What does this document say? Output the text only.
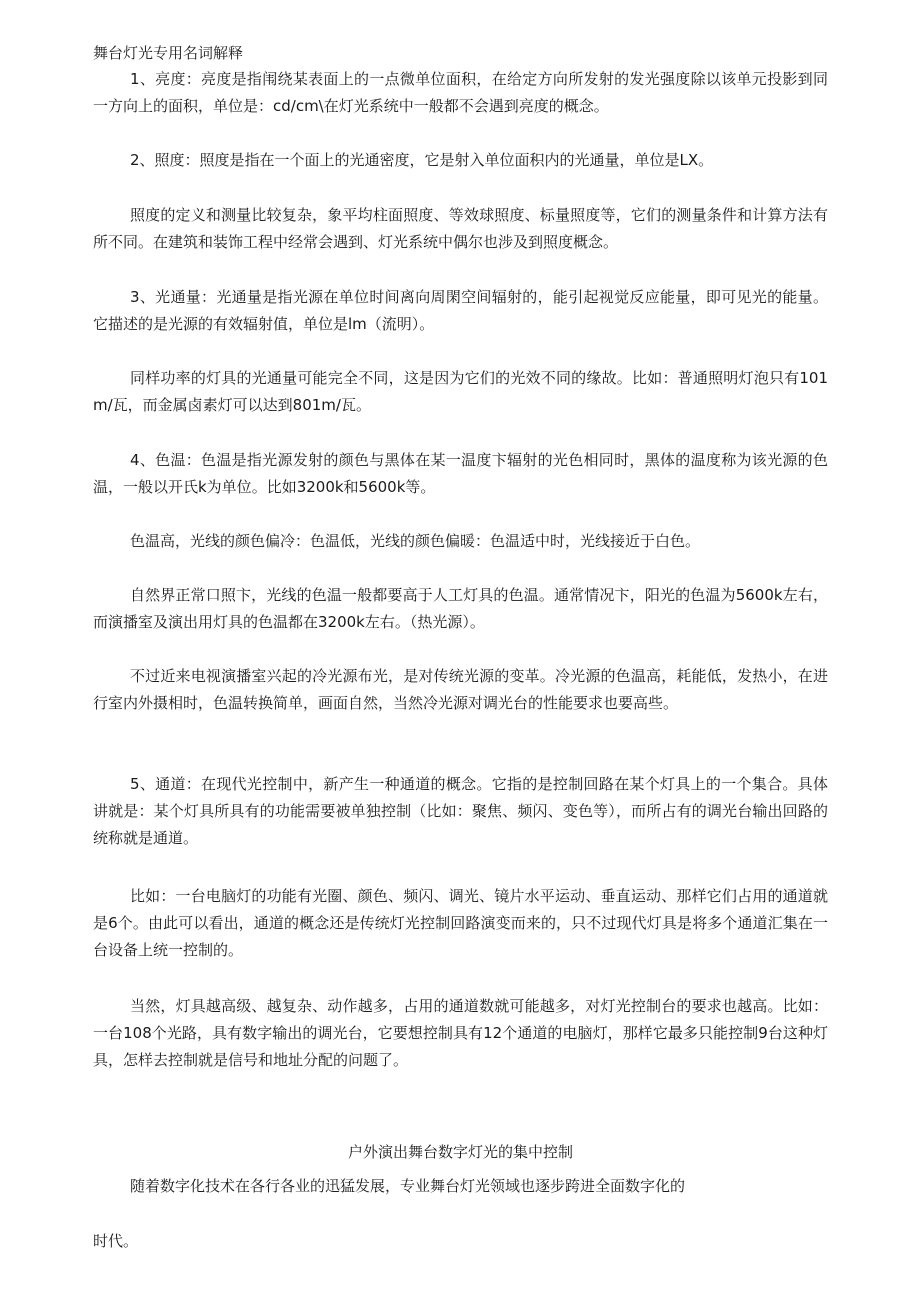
舞台灯光专用名词解释

1、亮度：亮度是指闱绕某表面上的一点微单位面积，在给定方向所发射的发光强度除以该单元投影到同一方向上的面积，单位是：cd/cm\在灯光系统中一般都不会遇到亮度的概念。

2、照度：照度是指在一个面上的光通密度，它是射入单位面积内的光通量，单位是LX。

照度的定义和测量比较复杂，象平均柱面照度、等效球照度、标量照度等，它们的测量条件和计算方法有所不同。在建筑和装饰工程中经常会遇到、灯光系统中偶尔也涉及到照度概念。

3、光通量：光通量是指光源在单位时间离向周閑空间辐射的，能引起视觉反应能量，即可见光的能量。它描述的是光源的有效辐射值，单位是lm（流明）。

同样功率的灯具的光通量可能完全不同，这是因为它们的光效不同的缘故。比如：普通照明灯泡只有101m/瓦，而金属卤素灯可以达到801m/瓦。

4、色温：色温是指光源发射的颜色与黑体在某一温度卞辐射的光色相同时，黑体的温度称为该光源的色温，一般以开氏k为单位。比如3200k和5600k等。

色温高，光线的颜色偏冷：色温低，光线的颜色偏暖：色温适中时，光线接近于白色。

自然界正常口照卞，光线的色温一般都要高于人工灯具的色温。通常情况卞，阳光的色温为5600k左右，而演播室及演出用灯具的色温都在3200k左右。（热光源）。

不过近来电视演播室兴起的冷光源布光，是对传统光源的变革。冷光源的色温高，耗能低，发热小，在进行室内外摄相时，色温转换简单，画面自然，当然冷光源对调光台的性能要求也要高些。

5、通道：在现代光控制中，新产生一种通道的概念。它指的是控制回路在某个灯具上的一个集合。具体讲就是：某个灯具所具有的功能需要被单独控制（比如：聚焦、频闪、变色等），而所占有的调光台输出回路的统称就是通道。

比如：一台电脑灯的功能有光圈、颜色、频闪、调光、镜片水平运动、垂直运动、那样它们占用的通道就是6个。由此可以看出，通道的概念还是传统灯光控制回路演变而来的，只不过现代灯具是将多个通道汇集在一台设备上统一控制的。

当然，灯具越高级、越复杂、动作越多，占用的通道数就可能越多，对灯光控制台的要求也越高。比如：一台108个光路，具有数字输出的调光台，它要想控制具有12个通道的电脑灯，那样它最多只能控制9台这种灯具，怎样去控制就是信号和地址分配的问题了。

户外演出舞台数字灯光的集中控制

随着数字化技术在各行各业的迅猛发展，专业舞台灯光领域也逐步跨进全面数字化的

时代。
